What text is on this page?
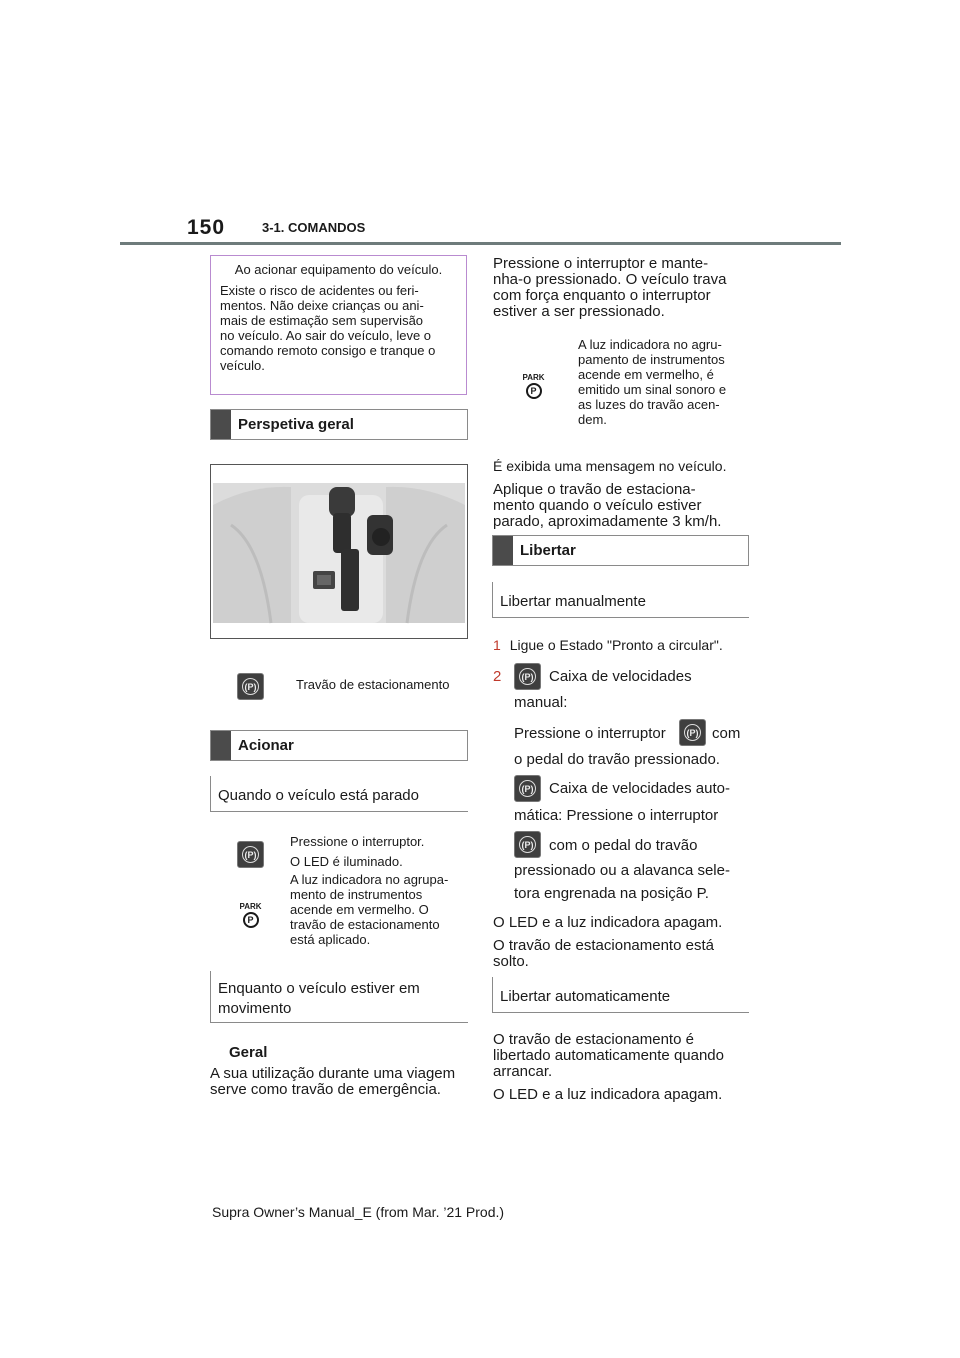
150	3-1. COMANDOS

Ao acionar equipamento do veículo.

Existe o risco de acidentes ou feri-
mentos. Não deixe crianças ou ani-
mais de estimação sem supervisão
no veículo. Ao sair do veículo, leve o
comando remoto consigo e tranque o
veículo.
Perspetiva geral
(P)	Travão de estacionamento
Acionar
Quando o veículo está parado
(P)
Pressione o interruptor.
O LED é iluminado.
A luz indicadora no agrupa-
mento de instrumentos
acende em vermelho. O
travão de estacionamento
está aplicado.
PARK
P
Enquanto o veículo estiver em
movimento
Geral
A sua utilização durante uma viagem
serve como travão de emergência.
Pressione o interruptor e mante-
nha-o pressionado. O veículo trava
com força enquanto o interruptor
estiver a ser pressionado.
PARK
P
A luz indicadora no agru-
pamento de instrumentos
acende em vermelho, é
emitido um sinal sonoro e
as luzes do travão acen-
dem.
É exibida uma mensagem no veículo.
Aplique o travão de estaciona-
mento quando o veículo estiver
parado, aproximadamente 3 km/h.
Libertar
Libertar manualmente
1 Ligue o Estado "Pronto a circular".
2 (P) Caixa de velocidades
manual:
Pressione o interruptor (P) com
o pedal do travão pressionado.
(P) Caixa de velocidades auto-
mática: Pressione o interruptor
(P) com o pedal do travão
pressionado ou a alavanca sele-
tora engrenada na posição P.
O LED e a luz indicadora apagam.
O travão de estacionamento está
solto.
Libertar automaticamente
O travão de estacionamento é
libertado automaticamente quando
arrancar.
O LED e a luz indicadora apagam.
Supra Owner’s Manual_E (from Mar. ’21 Prod.)
